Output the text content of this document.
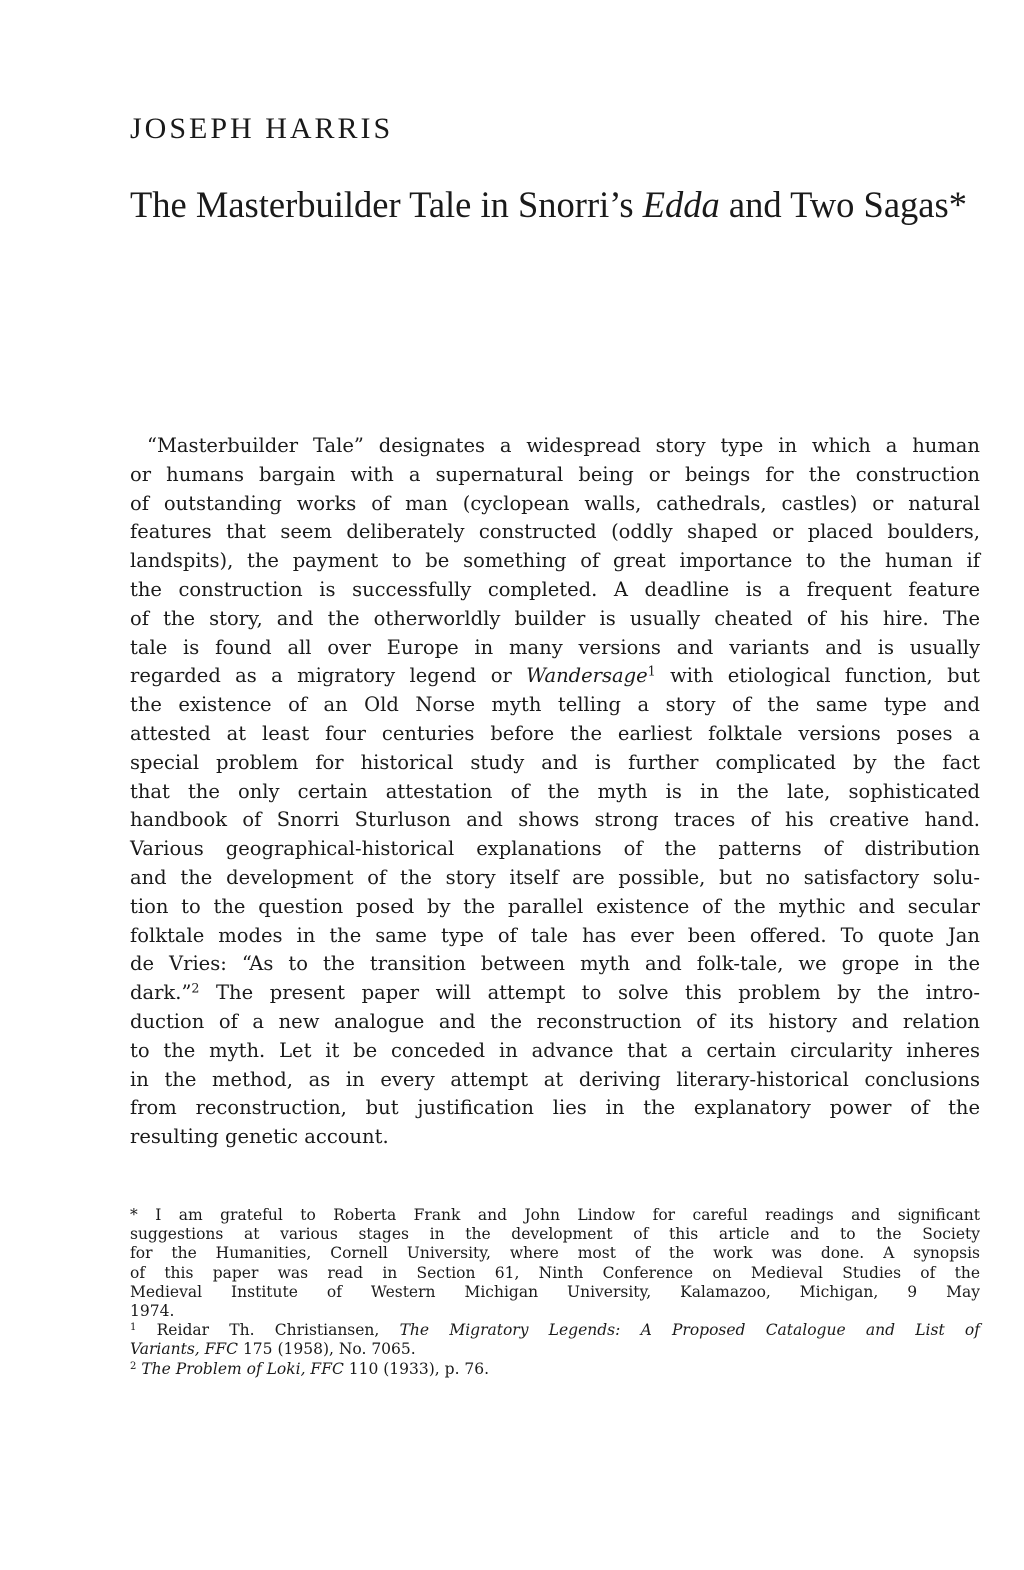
JOSEPH HARRIS
The Masterbuilder Tale in Snorri’s Edda and Two Sagas*
“Masterbuilder Tale” designates a widespread story type in which a human
or humans bargain with a supernatural being or beings for the construction
of outstanding works of man (cyclopean walls, cathedrals, castles) or natural
features that seem deliberately constructed (oddly shaped or placed boulders,
landspits), the payment to be something of great importance to the human if
the construction is successfully completed. A deadline is a frequent feature
of the story, and the otherworldly builder is usually cheated of his hire. The
tale is found all over Europe in many versions and variants and is usually
regarded as a migratory legend or Wandersage$^1$ with etiological function, but
the existence of an Old Norse myth telling a story of the same type and
attested at least four centuries before the earliest folktale versions poses a
special problem for historical study and is further complicated by the fact
that the only certain attestation of the myth is in the late, sophisticated
handbook of Snorri Sturluson and shows strong traces of his creative hand.
Various geographical-historical explanations of the patterns of distribution
and the development of the story itself are possible, but no satisfactory solu-
tion to the question posed by the parallel existence of the mythic and secular
folktale modes in the same type of tale has ever been offered. To quote Jan
de Vries: “As to the transition between myth and folk-tale, we grope in the
dark.”$^2$ The present paper will attempt to solve this problem by the intro-
duction of a new analogue and the reconstruction of its history and relation
to the myth. Let it be conceded in advance that a certain circularity inheres
in the method, as in every attempt at deriving literary-historical conclusions
from reconstruction, but justification lies in the explanatory power of the
resulting genetic account.
* I am grateful to Roberta Frank and John Lindow for careful readings and significant
suggestions at various stages in the development of this article and to the Society
for the Humanities, Cornell University, where most of the work was done. A synopsis
of this paper was read in Section 61, Ninth Conference on Medieval Studies of the
Medieval Institute of Western Michigan University, Kalamazoo, Michigan, 9 May
1974.
$^1$ Reidar Th. Christiansen, The Migratory Legends: A Proposed Catalogue and List of
Variants, FFC 175 (1958), No. 7065.
$^2$ The Problem of Loki, FFC 110 (1933), p. 76.
